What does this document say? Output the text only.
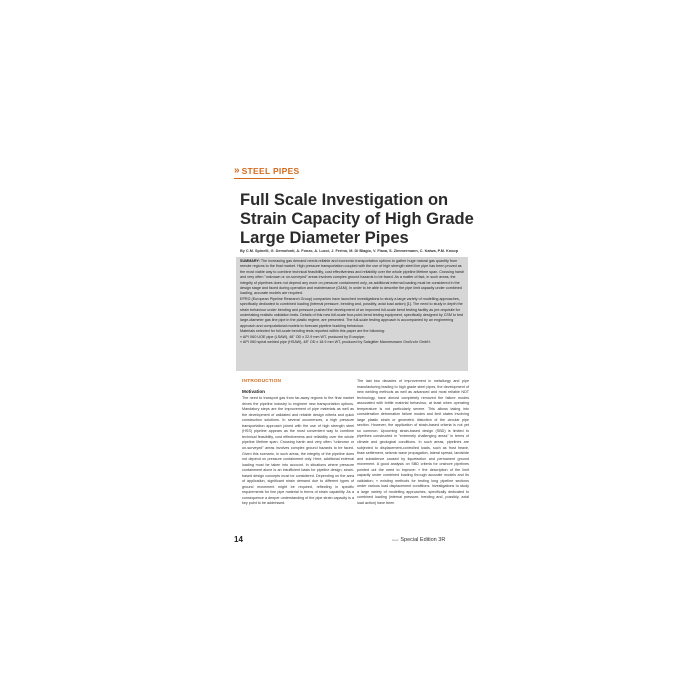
» STEEL PIPES
Full Scale Investigation on Strain Capacity of High Grade Large Diameter Pipes
By C.M. Spinelli, G. Demofonti, A. Fonzo, A. Lucci, J. Ferino, M. Di Biagio, V. Flaxa, S. Zimmermann, C. Kalwa, P.M. Knoop

SUMMARY: The increasing gas demand needs reliable and economic transportation options to gather huge natural gas quantity from remote regions to the final market. High pressure transportation coupled with the use of high strength steel line pipe has been proved as the most viable way to combine technical feasibility, cost effectiveness and reliability over the whole pipeline lifetime span. Crossing harsh and very often "unknown or un-surveyed" areas involves complex ground hazards to be faced. As a matter of fact, in such areas, the integrity of pipelines does not depend any more on pressure containment only, as additional external loading must be considered in the design stage and faced during operation and maintenance (O&M). In order to be able to describe the pipe limit capacity under combined loading, accurate models are required.

EPRG (European Pipeline Research Group) companies have launched investigations to study a large variety of modelling approaches, specifically dedicated to combined loading (internal pressure, bending and, possibly, axial load action) [1]. The need to study in depth the strain behaviour under bending and pressure pushed the development of an improved full-scale bend testing facility as pre-requisite for undertaking realistic validation tests. Details of this new full-scale four-point-bend testing equipment, specifically designed by CSM to test large-diameter gas line pipe in the plastic regime, are presented. The full-scale testing approach is accompanied by an engineering approach and computational models to forecast pipeline buckling behaviour.

Materials selected for full-scale bending tests reported within this paper are the following:

» API X60 UOE pipe (LSAW), 48" OD x 22.9 mm WT, produced by Europipe;
» API X60 spiral welded pipe (HSAW), 48" OD x 18.9 mm WT, produced by Salzgitter Mannesmann Großrohr GmbH.
INTRODUCTION
Motivation

The need to transport gas from far-away regions to the final market drives the pipeline industry to engineer new transportation options. Mandatory steps are the improvement of pipe materials as well as the development of validated and reliable design criteria and quick construction solutions. In several occurrences, a high pressure transportation approach joined with the use of high strength steel (HSS) pipeline appears as the most convenient way to combine technical feasibility, cost effectiveness and reliability over the whole pipeline lifetime span. Crossing harsh and very often "unknown or un-surveyed" areas involves complex ground hazards to be faced. Given this scenario, in such areas, the integrity of the pipeline does not depend on pressure containment only. Here, additional external loading must be taken into account. In situations where pressure containment alone is an insufficient basis for pipeline design, strain-based design concepts must be considered. Depending on the area of application, significant strain demand due to different types of ground movement might be required, reflecting in specific requirements for line pipe material in terms of strain capability. As a consequence a deeper understanding of the pipe strain capacity is a key point to be addressed.

The last two decades of improvement in metallurgy and pipe manufacturing leading to high grade steel pipes, the development of new welding methods as well as advanced and most reliable NDT technology, have almost completely removed the failure modes associated with brittle material behaviour, at least when operating temperature is not particularly severe. This allows taking into consideration deformation failure modes and limit states involving large plastic strain or geometric distortion of the circular pipe section. However, the application of strain-based criteria is not yet so common. Upcoming strain-based design (SBD) is limited to pipelines constructed in "extremely challenging areas" in terms of climate and geological conditions. In such areas, pipelines are subjected to displacement-controlled loads, such as frost heave, thaw settlement, seismic wave propagation, lateral spread, landslide and subsidence caused by liquefaction and permanent ground movement. A good analysis on SBD criteria for onshore pipelines pointed out the need to improve: » the description of the limit capacity under combined loading through accurate models and its validation; » existing methods for testing long pipeline sections under various load displacement conditions. Investigations to study a large variety of modelling approaches, specifically dedicated to combined loading (internal pressure, bending and, possibly, axial load action) have been

14	steel Special Edition 3R
